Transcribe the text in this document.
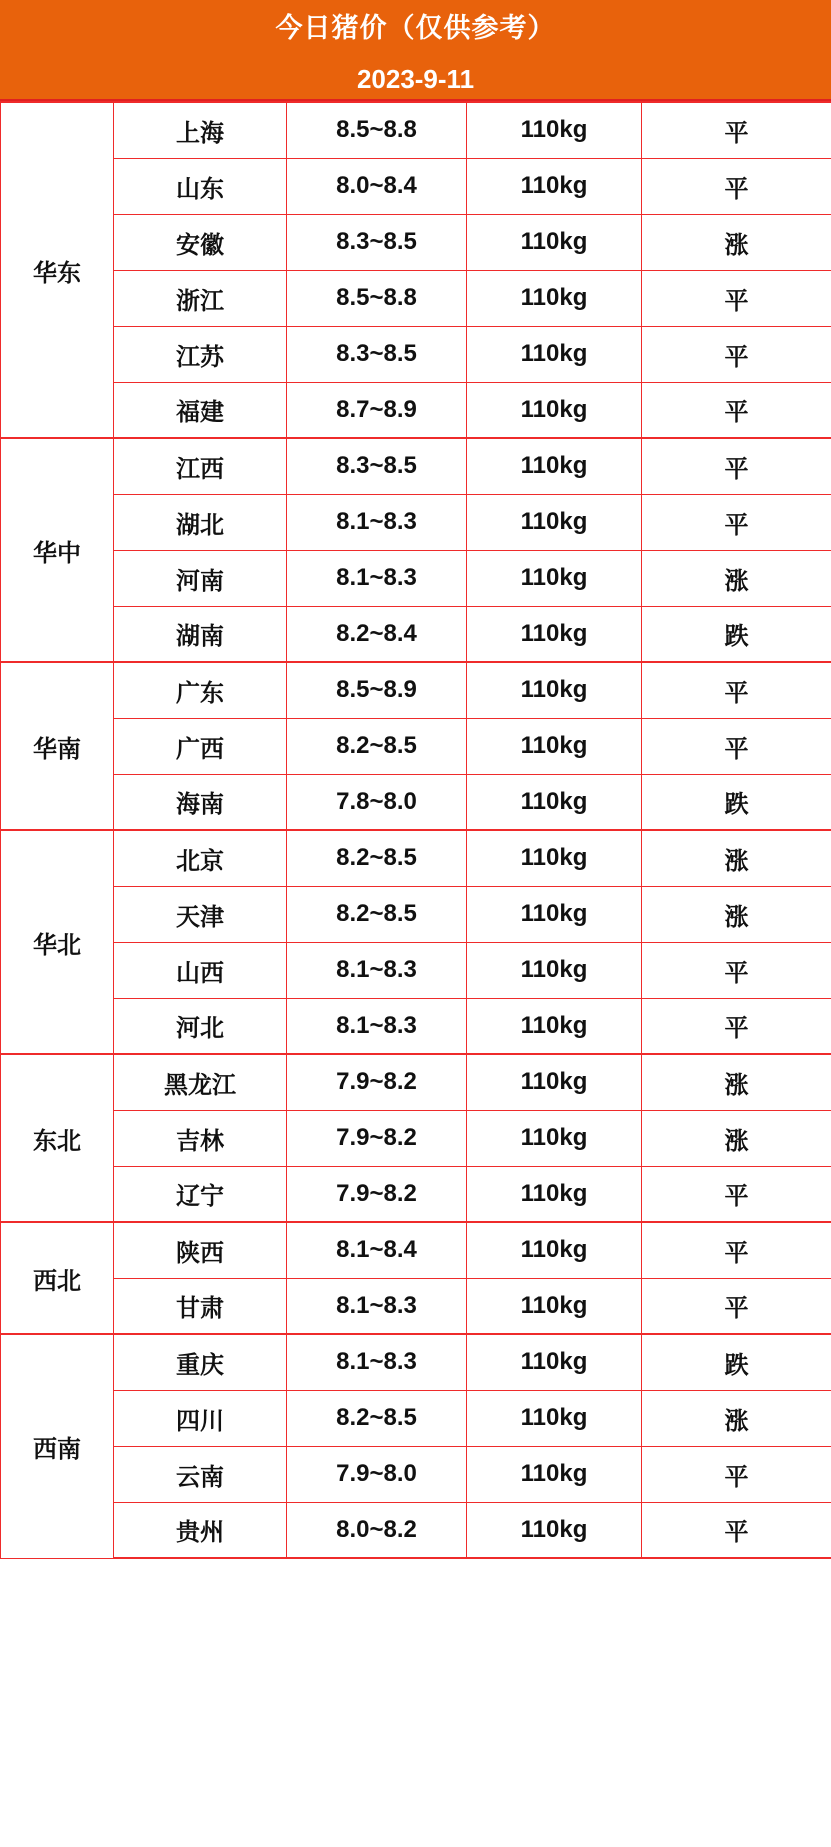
今日猪价（仅供参考）
2023-9-11
华东	上海	8.5~8.8	110kg	平
	山东	8.0~8.4	110kg	平
	安徽	8.3~8.5	110kg	涨
	浙江	8.5~8.8	110kg	平
	江苏	8.3~8.5	110kg	平
	福建	8.7~8.9	110kg	平
华中	江西	8.3~8.5	110kg	平
	湖北	8.1~8.3	110kg	平
	河南	8.1~8.3	110kg	涨
	湖南	8.2~8.4	110kg	跌
华南	广东	8.5~8.9	110kg	平
	广西	8.2~8.5	110kg	平
	海南	7.8~8.0	110kg	跌
华北	北京	8.2~8.5	110kg	涨
	天津	8.2~8.5	110kg	涨
	山西	8.1~8.3	110kg	平
	河北	8.1~8.3	110kg	平
东北	黑龙江	7.9~8.2	110kg	涨
	吉林	7.9~8.2	110kg	涨
	辽宁	7.9~8.2	110kg	平
西北	陕西	8.1~8.4	110kg	平
	甘肃	8.1~8.3	110kg	平
西南	重庆	8.1~8.3	110kg	跌
	四川	8.2~8.5	110kg	涨
	云南	7.9~8.0	110kg	平
	贵州	8.0~8.2	110kg	平
